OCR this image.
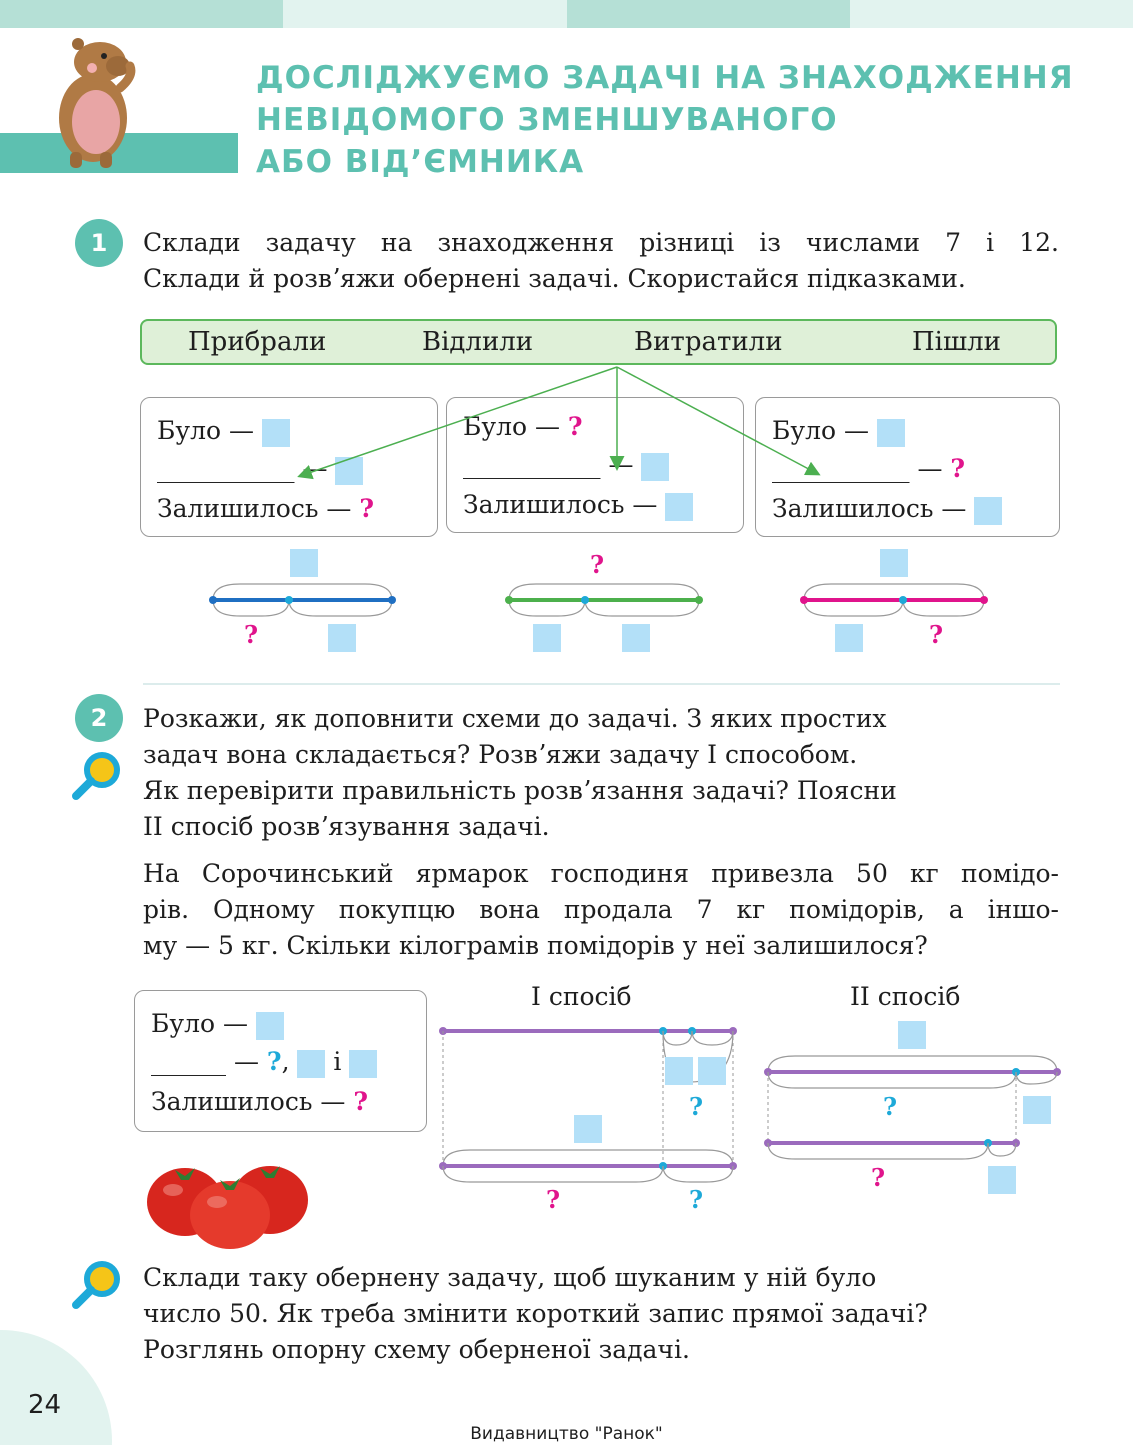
ДОСЛІДЖУЄМО ЗАДАЧІ НА ЗНАХОДЖЕННЯ
НЕВІДОМОГО ЗМЕНШУВАНОГО
АБО ВІДʼЄМНИКА
1	Склади задачу на знаходження різниці із числами 7 і 12.
Склади й розвʼяжи обернені задачі. Скористайся підказками.
Прибрали	Відлили	Витратили	Пішли
Було —
___________ —
Залишилось — ?
Було — ?
___________ —
Залишилось —
Було —
___________ — ?
Залишилось —
?
?
?
2	Розкажи, як доповнити схеми до задачі. З яких простих
задач вона складається? Розвʼяжи задачу І способом.
Як перевірити правильність розвʼязання задачі? Поясни
ІІ спосіб розвʼязування задачі.
На Сорочинський ярмарок господиня привезла 50 кг помідо-
рів. Одному покупцю вона продала 7 кг помідорів, а іншо-
му — 5 кг. Скільки кілограмів помідорів у неї залишилося?
Було —
______ — ?, і
Залишилось — ?
І спосіб	ІІ спосіб
?
?	?
?
?
Склади таку обернену задачу, щоб шуканим у ній було
число 50. Як треба змінити короткий запис прямої задачі?
Розглянь опорну схему оберненої задачі.
24
Видавництво "Ранок"
